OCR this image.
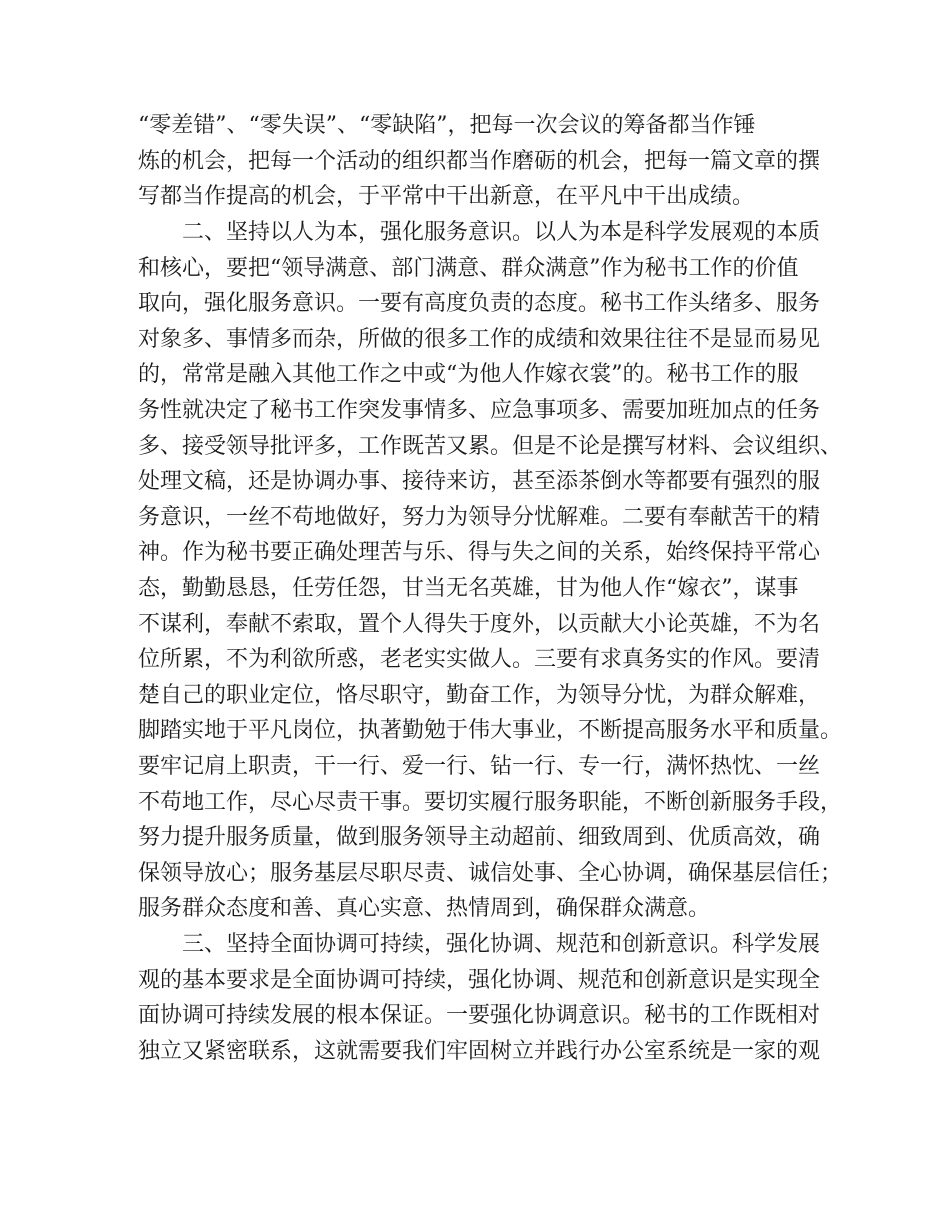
“零差错”、“零失误”、“零缺陷”，把每一次会议的筹备都当作锤
炼的机会，把每一个活动的组织都当作磨砺的机会，把每一篇文章的撰
写都当作提高的机会，于平常中干出新意，在平凡中干出成绩。
二、坚持以人为本，强化服务意识。以人为本是科学发展观的本质
和核心，要把“领导满意、部门满意、群众满意”作为秘书工作的价值
取向，强化服务意识。一要有高度负责的态度。秘书工作头绪多、服务
对象多、事情多而杂，所做的很多工作的成绩和效果往往不是显而易见
的，常常是融入其他工作之中或“为他人作嫁衣裳”的。秘书工作的服
务性就决定了秘书工作突发事情多、应急事项多、需要加班加点的任务
多、接受领导批评多，工作既苦又累。但是不论是撰写材料、会议组织、
处理文稿，还是协调办事、接待来访，甚至添茶倒水等都要有强烈的服
务意识，一丝不苟地做好，努力为领导分忧解难。二要有奉献苦干的精
神。作为秘书要正确处理苦与乐、得与失之间的关系，始终保持平常心
态，勤勤恳恳，任劳任怨，甘当无名英雄，甘为他人作“嫁衣”，谋事
不谋利，奉献不索取，置个人得失于度外，以贡献大小论英雄，不为名
位所累，不为利欲所惑，老老实实做人。三要有求真务实的作风。要清
楚自己的职业定位，恪尽职守，勤奋工作，为领导分忧，为群众解难，
脚踏实地于平凡岗位，执著勤勉于伟大事业，不断提高服务水平和质量。
要牢记肩上职责，干一行、爱一行、钻一行、专一行，满怀热忱、一丝
不苟地工作，尽心尽责干事。要切实履行服务职能，不断创新服务手段，
努力提升服务质量，做到服务领导主动超前、细致周到、优质高效，确
保领导放心；服务基层尽职尽责、诚信处事、全心协调，确保基层信任；
服务群众态度和善、真心实意、热情周到，确保群众满意。
三、坚持全面协调可持续，强化协调、规范和创新意识。科学发展
观的基本要求是全面协调可持续，强化协调、规范和创新意识是实现全
面协调可持续发展的根本保证。一要强化协调意识。秘书的工作既相对
独立又紧密联系，这就需要我们牢固树立并践行办公室系统是一家的观
